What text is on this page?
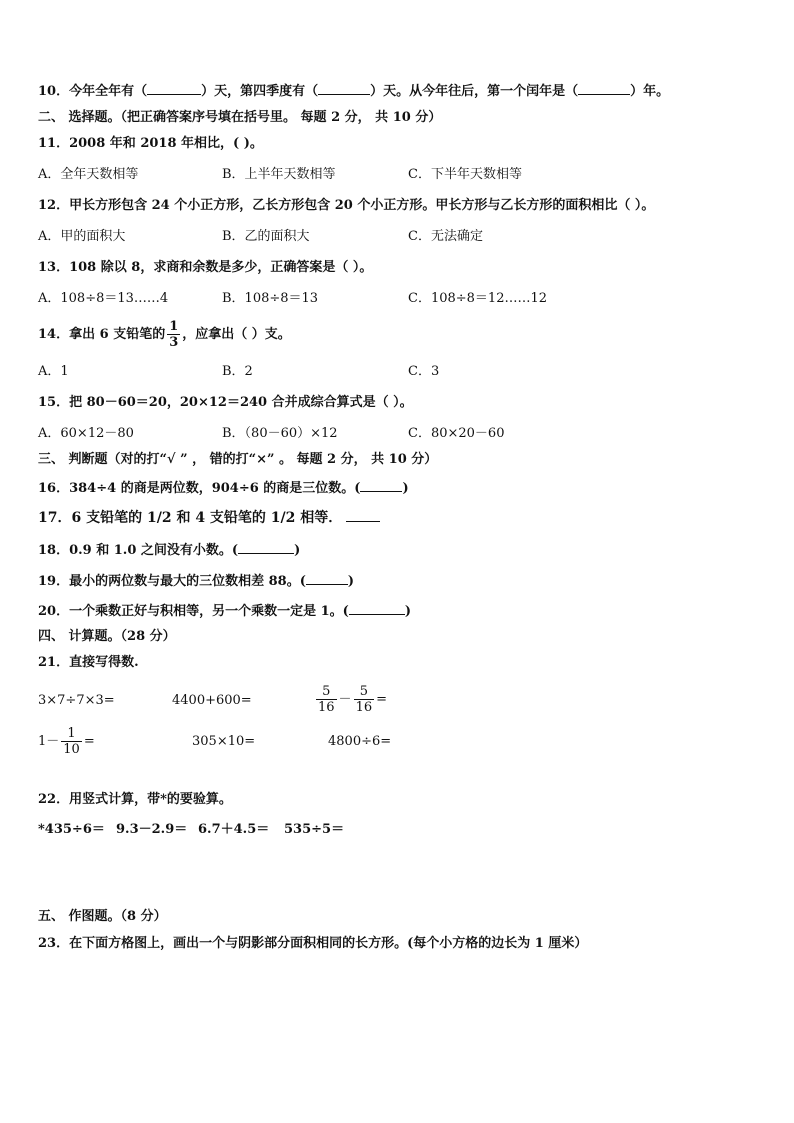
10．今年全年有（	）天，第四季度有（	）天。从今年往后，第一个闰年是（	）年。
二、 选择题。（把正确答案序号填在括号里。 每题 2 分， 共 10 分）
11．2008 年和 2018 年相比，( )。
A．全年天数相等	B．上半年天数相等	C．下半年天数相等
12．甲长方形包含 24 个小正方形，乙长方形包含 20 个小正方形。甲长方形与乙长方形的面积相比（ ）。
A．甲的面积大	B．乙的面积大	C．无法确定
13．108 除以 8，求商和余数是多少，正确答案是（ ）。
A．108÷8＝13……4	B．108÷8＝13	C．108÷8＝12……12
14．拿出 6 支铅笔的 $\frac{1}{3}$ ，应拿出（ ）支。
A．1	B．2	C．3
15．把 80－60＝20，20×12＝240 合并成综合算式是（ ）。
A．60×12－80	B．（80－60）×12	C．80×20－60
三、 判断题（对的打“√ ” ， 错的打“×” 。 每题 2 分， 共 10 分）
16．384÷4 的商是两位数，904÷6 的商是三位数。(	)
17．6 支铅笔的 1/2 和 4 支铅笔的 1/2 相等．
18．0.9 和 1.0 之间没有小数。(	)
19．最小的两位数与最大的三位数相差 88。(	)
20．一个乘数正好与积相等，另一个乘数一定是 1。(	)
四、 计算题。（28 分）
21．直接写得数.
3×7÷7×3=	4400+600=	$\frac{5}{16} - \frac{5}{16}$ =
$1- \frac{1}{10}$ =	305×10=	4800÷6=
22．用竖式计算，带*的要验算。
*435÷6＝ 9.3－2.9＝ 6.7＋4.5＝ 535÷5＝
五、 作图题。（8 分）
23．在下面方格图上，画出一个与阴影部分面积相同的长方形。(每个小方格的边长为 1 厘米）
